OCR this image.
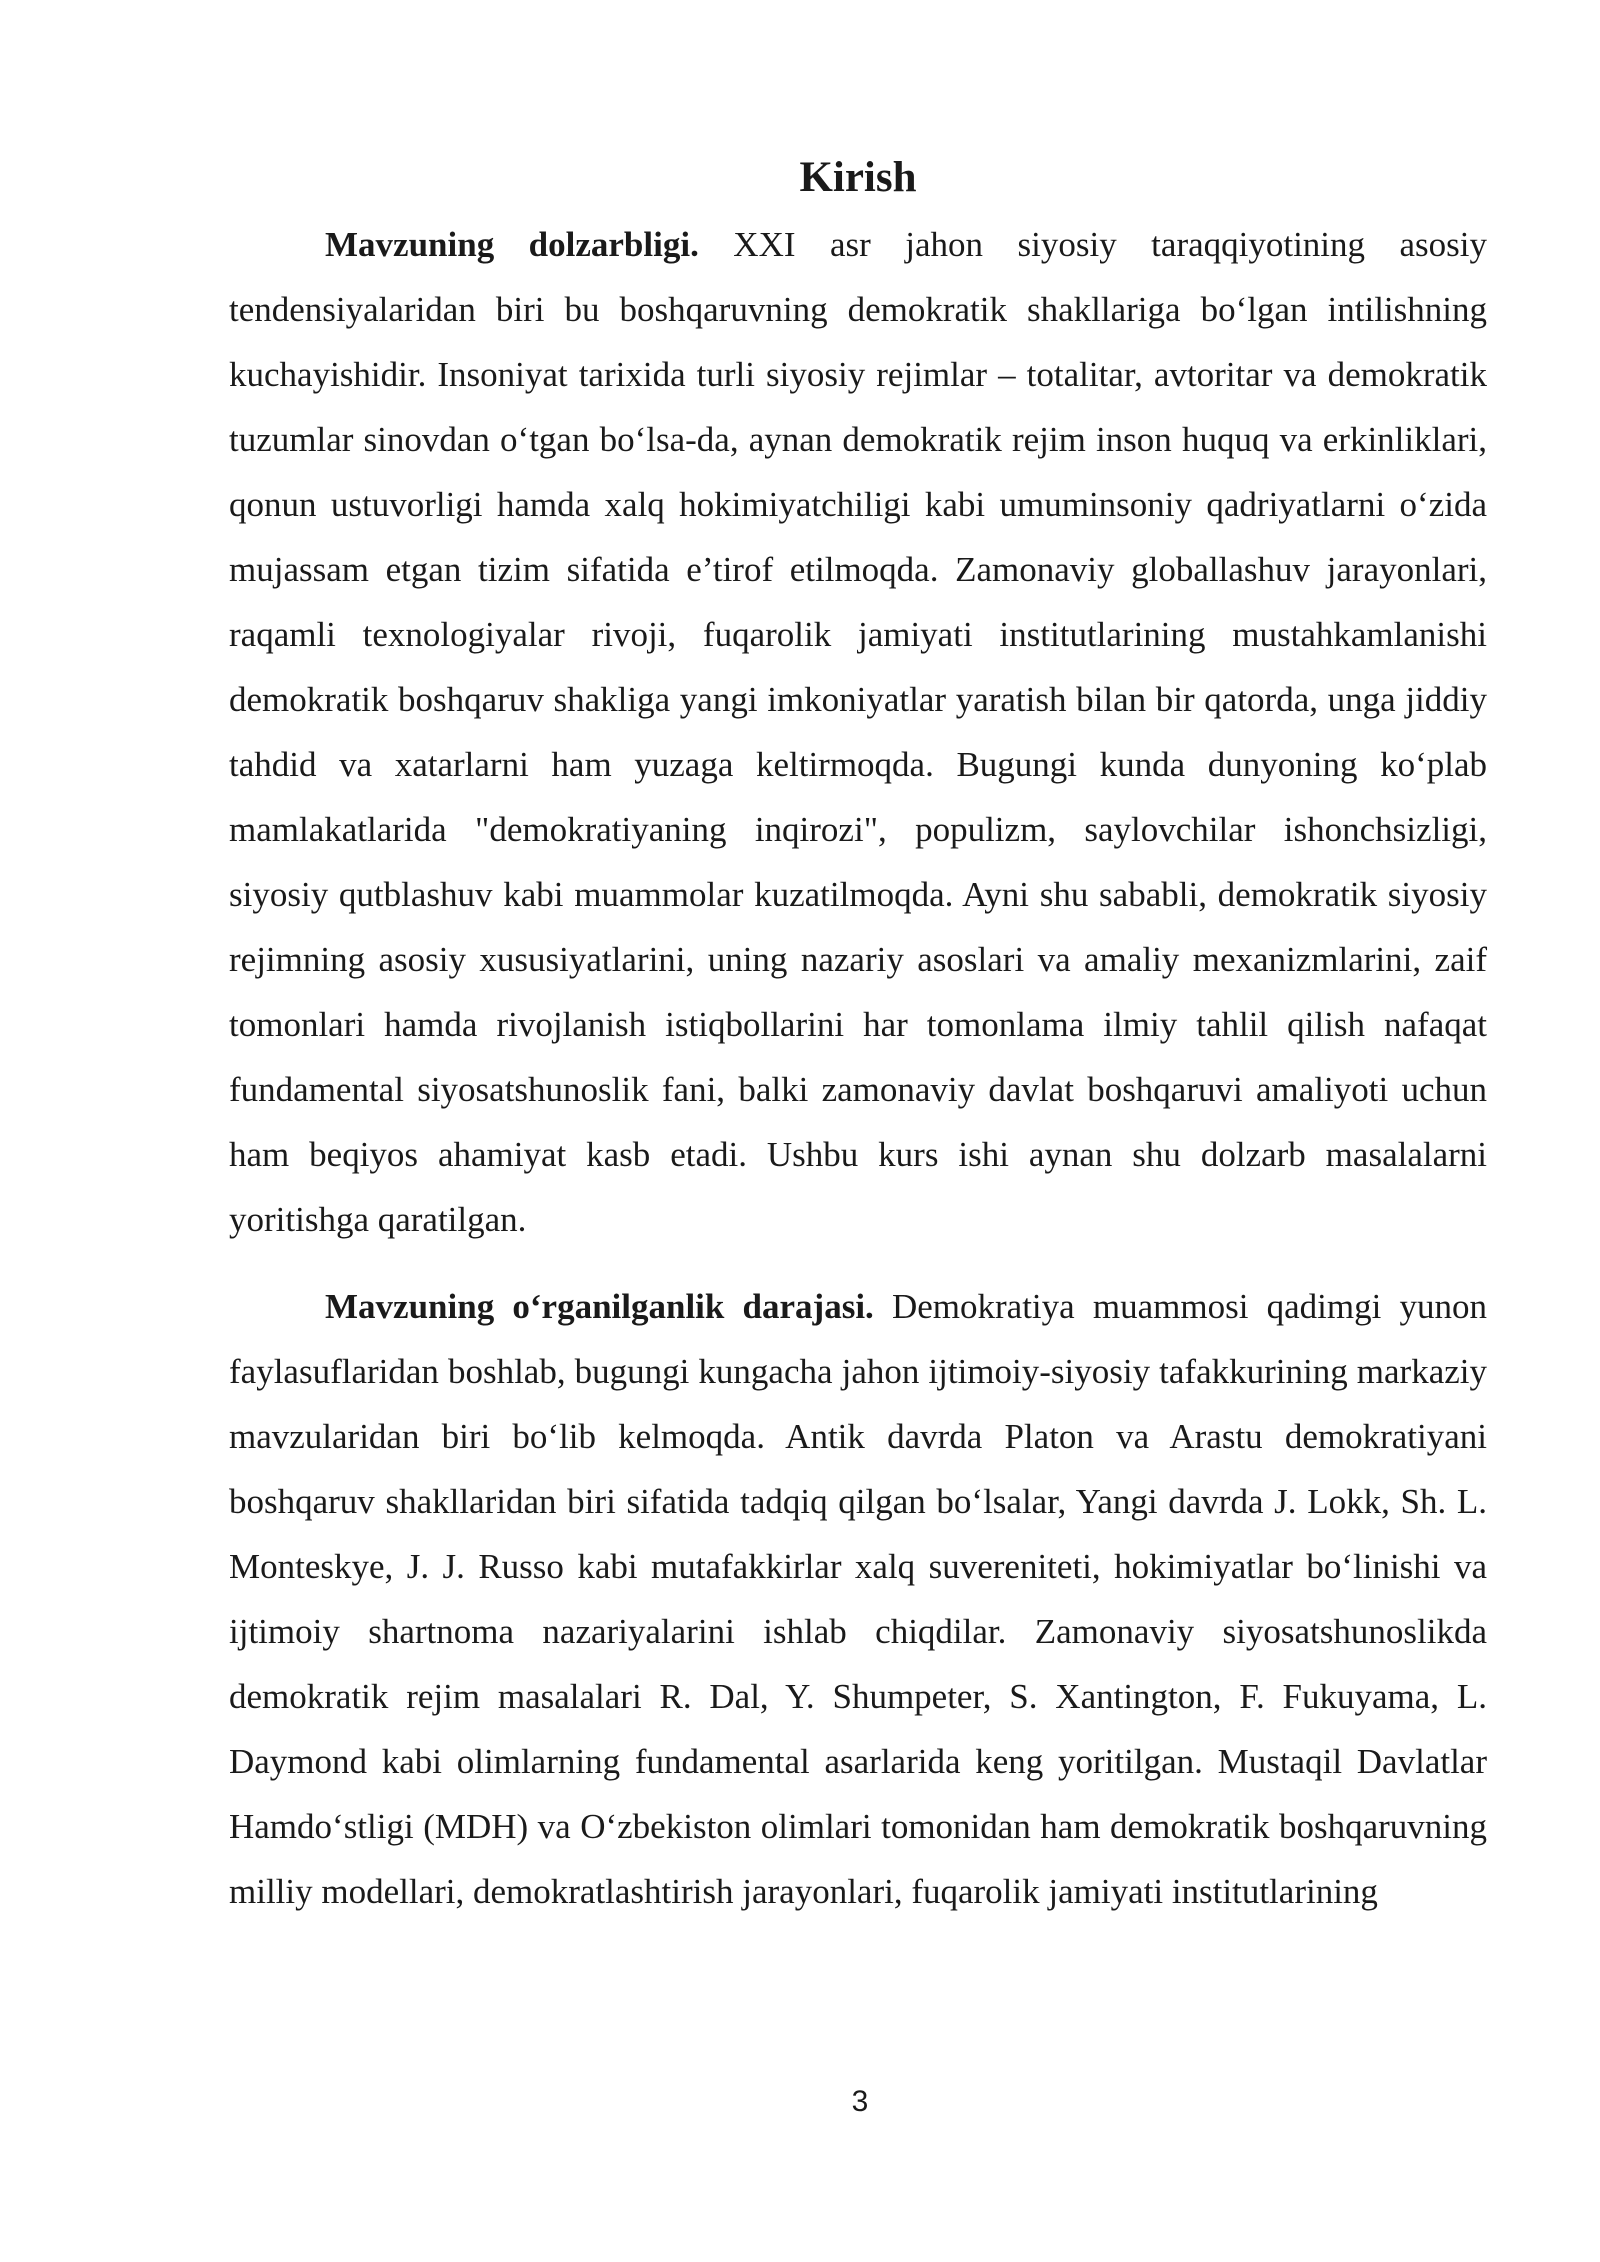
Kirish

Mavzuning dolzarbligi. XXI asr jahon siyosiy taraqqiyotining asosiy tendensiyalaridan biri bu boshqaruvning demokratik shakllariga bo‘lgan intilishning kuchayishidir. Insoniyat tarixida turli siyosiy rejimlar – totalitar, avtoritar va demokratik tuzumlar sinovdan o‘tgan bo‘lsa-da, aynan demokratik rejim inson huquq va erkinliklari, qonun ustuvorligi hamda xalq hokimiyatchiligi kabi umuminsoniy qadriyatlarni o‘zida mujassam etgan tizim sifatida e’tirof etilmoqda. Zamonaviy globallashuv jarayonlari, raqamli texnologiyalar rivoji, fuqarolik jamiyati institutlarining mustahkamlanishi demokratik boshqaruv shakliga yangi imkoniyatlar yaratish bilan bir qatorda, unga jiddiy tahdid va xatarlarni ham yuzaga keltirmoqda. Bugungi kunda dunyoning ko‘plab mamlakatlarida "demokratiyaning inqirozi", populizm, saylovchilar ishonchsizligi, siyosiy qutblashuv kabi muammolar kuzatilmoqda. Ayni shu sababli, demokratik siyosiy rejimning asosiy xususiyatlarini, uning nazariy asoslari va amaliy mexanizmlarini, zaif tomonlari hamda rivojlanish istiqbollarini har tomonlama ilmiy tahlil qilish nafaqat fundamental siyosatshunoslik fani, balki zamonaviy davlat boshqaruvi amaliyoti uchun ham beqiyos ahamiyat kasb etadi. Ushbu kurs ishi aynan shu dolzarb masalalarni yoritishga qaratilgan.

Mavzuning o‘rganilganlik darajasi. Demokratiya muammosi qadimgi yunon faylasuflaridan boshlab, bugungi kungacha jahon ijtimoiy-siyosiy tafakkurining markaziy mavzularidan biri bo‘lib kelmoqda. Antik davrda Platon va Arastu demokratiyani boshqaruv shakllaridan biri sifatida tadqiq qilgan bo‘lsalar, Yangi davrda J. Lokk, Sh. L. Monteskye, J. J. Russo kabi mutafakkirlar xalq suvereniteti, hokimiyatlar bo‘linishi va ijtimoiy shartnoma nazariyalarini ishlab chiqdilar. Zamonaviy siyosatshunoslikda demokratik rejim masalalari R. Dal, Y. Shumpeter, S. Xantington, F. Fukuyama, L. Daymond kabi olimlarning fundamental asarlarida keng yoritilgan. Mustaqil Davlatlar Hamdo‘stligi (MDH) va O‘zbekiston olimlari tomonidan ham demokratik boshqaruvning milliy modellari, demokratlashtirish jarayonlari, fuqarolik jamiyati institutlarining

3
